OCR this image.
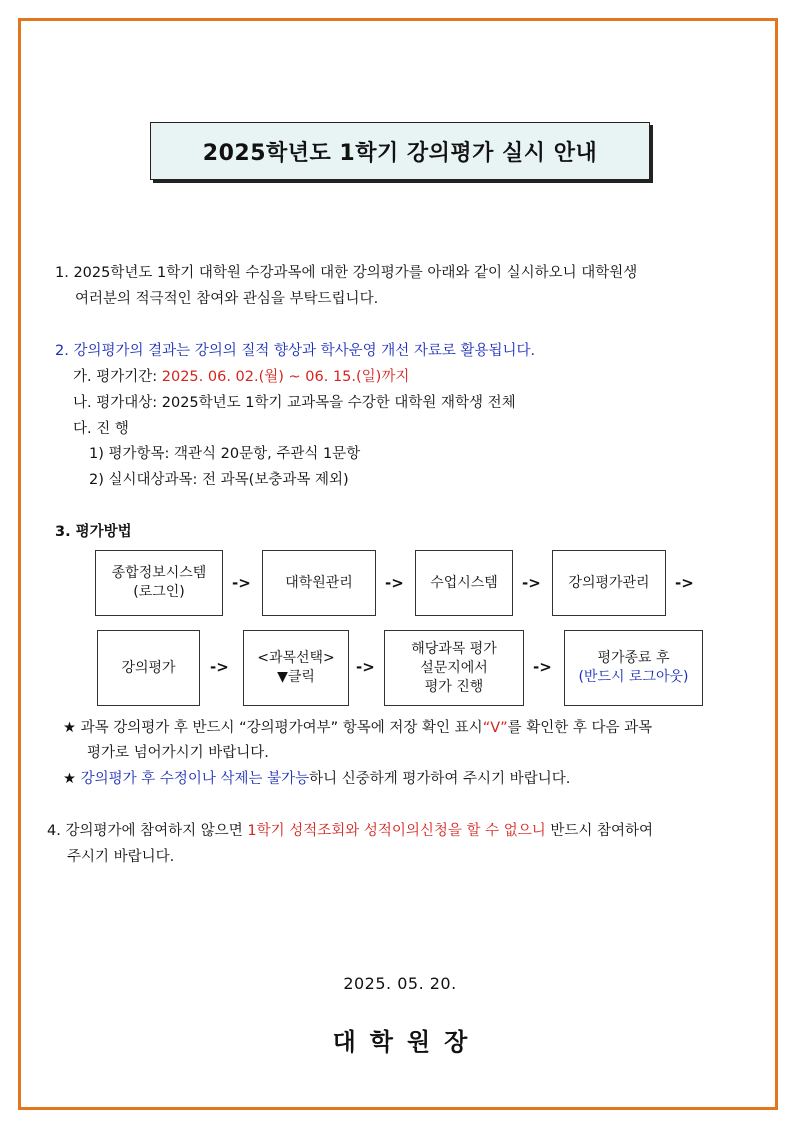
2025학년도 1학기 강의평가 실시 안내
1. 2025학년도 1학기 대학원 수강과목에 대한 강의평가를 아래와 같이 실시하오니 대학원생
여러분의 적극적인 참여와 관심을 부탁드립니다.
2. 강의평가의 결과는 강의의 질적 향상과 학사운영 개선 자료로 활용됩니다.
가. 평가기간: 2025. 06. 02.(월) ~ 06. 15.(일)까지
나. 평가대상: 2025학년도 1학기 교과목을 수강한 대학원 재학생 전체
다. 진 행
1) 평가항목: 객관식 20문항, 주관식 1문항
2) 실시대상과목: 전 과목(보충과목 제외)
3. 평가방법
종합정보시스템
(로그인)	-> 대학원관리 -> 수업시스템 -> 강의평가관리 ->
강의평가 -> <과목선택>
▼클릭
->
해당과목 평가
설문지에서
평가 진행
->	평가종료 후
(반드시 로그아웃)
★ 과목 강의평가 후 반드시 “강의평가여부” 항목에 저장 확인 표시“V”를 확인한 후 다음 과목
평가로 넘어가시기 바랍니다.
★ 강의평가 후 수정이나 삭제는 불가능하니 신중하게 평가하여 주시기 바랍니다.
4. 강의평가에 참여하지 않으면 1학기 성적조회와 성적이의신청을 할 수 없으니 반드시 참여하여
주시기 바랍니다.
2025. 05. 20.
대학원장
